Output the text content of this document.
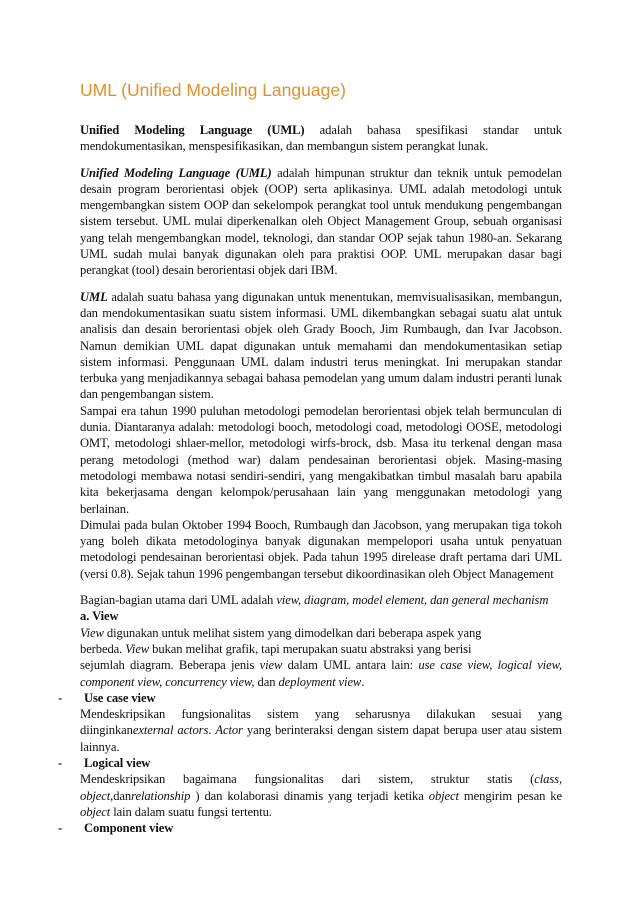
UML (Unified Modeling Language)

Unified Modeling Language (UML) adalah bahasa spesifikasi standar untuk mendokumentasikan, menspesifikasikan, dan membangun sistem perangkat lunak.

Unified Modeling Language (UML) adalah himpunan struktur dan teknik untuk pemodelan desain program berorientasi objek (OOP) serta aplikasinya. UML adalah metodologi untuk mengembangkan sistem OOP dan sekelompok perangkat tool untuk mendukung pengembangan sistem tersebut. UML mulai diperkenalkan oleh Object Management Group, sebuah organisasi yang telah mengembangkan model, teknologi, dan standar OOP sejak tahun 1980-an. Sekarang UML sudah mulai banyak digunakan oleh para praktisi OOP. UML merupakan dasar bagi perangkat (tool) desain berorientasi objek dari IBM.

UML adalah suatu bahasa yang digunakan untuk menentukan, memvisualisasikan, membangun, dan mendokumentasikan suatu sistem informasi. UML dikembangkan sebagai suatu alat untuk analisis dan desain berorientasi objek oleh Grady Booch, Jim Rumbaugh, dan Ivar Jacobson. Namun demikian UML dapat digunakan untuk memahami dan mendokumentasikan setiap sistem informasi. Penggunaan UML dalam industri terus meningkat. Ini merupakan standar terbuka yang menjadikannya sebagai bahasa pemodelan yang umum dalam industri peranti lunak dan pengembangan sistem.

Sampai era tahun 1990 puluhan metodologi pemodelan berorientasi objek telah bermunculan di dunia. Diantaranya adalah: metodologi booch, metodologi coad, metodologi OOSE, metodologi OMT, metodologi shlaer-mellor, metodologi wirfs-brock, dsb. Masa itu terkenal dengan masa perang metodologi (method war) dalam pendesainan berorientasi objek. Masing-masing metodologi membawa notasi sendiri-sendiri, yang mengakibatkan timbul masalah baru apabila kita bekerjasama dengan kelompok/perusahaan lain yang menggunakan metodologi yang berlainan.

Dimulai pada bulan Oktober 1994 Booch, Rumbaugh dan Jacobson, yang merupakan tiga tokoh yang boleh dikata metodologinya banyak digunakan mempelopori usaha untuk penyatuan metodologi pendesainan berorientasi objek. Pada tahun 1995 direlease draft pertama dari UML (versi 0.8). Sejak tahun 1996 pengembangan tersebut dikoordinasikan oleh Object Management

Bagian-bagian utama dari UML adalah view, diagram, model element, dan general mechanism

a. View

View digunakan untuk melihat sistem yang dimodelkan dari beberapa aspek yang

berbeda. View bukan melihat grafik, tapi merupakan suatu abstraksi yang berisi

sejumlah diagram. Beberapa jenis view dalam UML antara lain: use case view, logical view, component view, concurrency view, dan deployment view.

- Use case view

Mendeskripsikan fungsionalitas sistem yang seharusnya dilakukan sesuai yang diinginkanexternal actors. Actor yang berinteraksi dengan sistem dapat berupa user atau sistem lainnya.

- Logical view

Mendeskripsikan bagaimana fungsionalitas dari sistem, struktur statis (class, object,danrelationship ) dan kolaborasi dinamis yang terjadi ketika object mengirim pesan ke object lain dalam suatu fungsi tertentu.

- Component view
